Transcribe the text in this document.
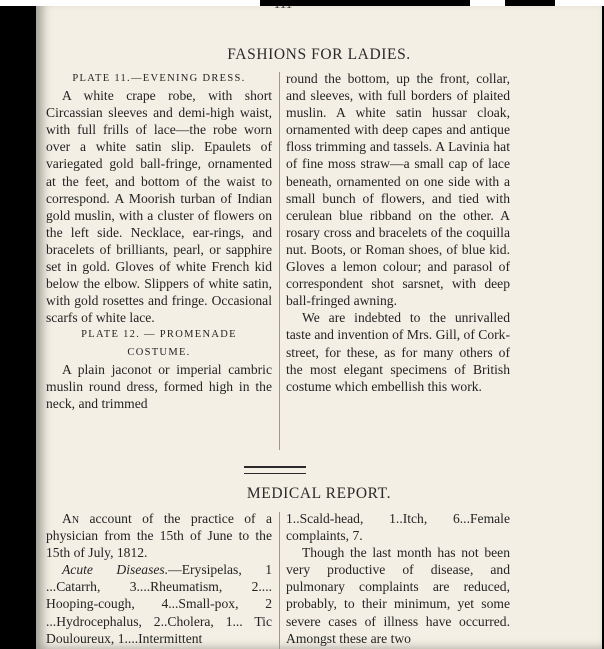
FASHIONS FOR LADIES.

PLATE 11.—EVENING DRESS.

A white crape robe, with short Circassian sleeves and demi-high waist, with full frills of lace—the robe worn over a white satin slip. Epaulets of variegated gold ball-fringe, ornamented at the feet, and bottom of the waist to correspond. A Moorish turban of Indian gold muslin, with a cluster of flowers on the left side. Necklace, ear-rings, and bracelets of brilliants, pearl, or sapphire set in gold. Gloves of white French kid below the elbow. Slippers of white satin, with gold rosettes and fringe. Occasional scarfs of white lace.

PLATE 12. — PROMENADE COSTUME.

A plain jaconot or imperial cambric muslin round dress, formed high in the neck, and trimmed

round the bottom, up the front, collar, and sleeves, with full borders of plaited muslin. A white satin hussar cloak, ornamented with deep capes and antique floss trimming and tassels. A Lavinia hat of fine moss straw—a small cap of lace beneath, ornamented on one side with a small bunch of flowers, and tied with cerulean blue ribband on the other. A rosary cross and bracelets of the coquilla nut. Boots, or Roman shoes, of blue kid. Gloves a lemon colour; and parasol of correspondent shot sarsnet, with deep ball-fringed awning.

We are indebted to the unrivalled taste and invention of Mrs. Gill, of Cork-street, for these, as for many others of the most elegant specimens of British costume which embellish this work.

MEDICAL REPORT.

An account of the practice of a physician from the 15th of June to the 15th of July, 1812.

Acute Diseases.—Erysipelas, 1 ...Catarrh, 3....Rheumatism, 2.... Hooping-cough, 4...Small-pox, 2 ...Hydrocephalus, 2..Cholera, 1... Tic Douloureux, 1....Intermittent

1..Scald-head, 1..Itch, 6...Female complaints, 7.

Though the last month has not been very productive of disease, and pulmonary complaints are reduced, probably, to their minimum, yet some severe cases of illness have occurred. Amongst these are two
